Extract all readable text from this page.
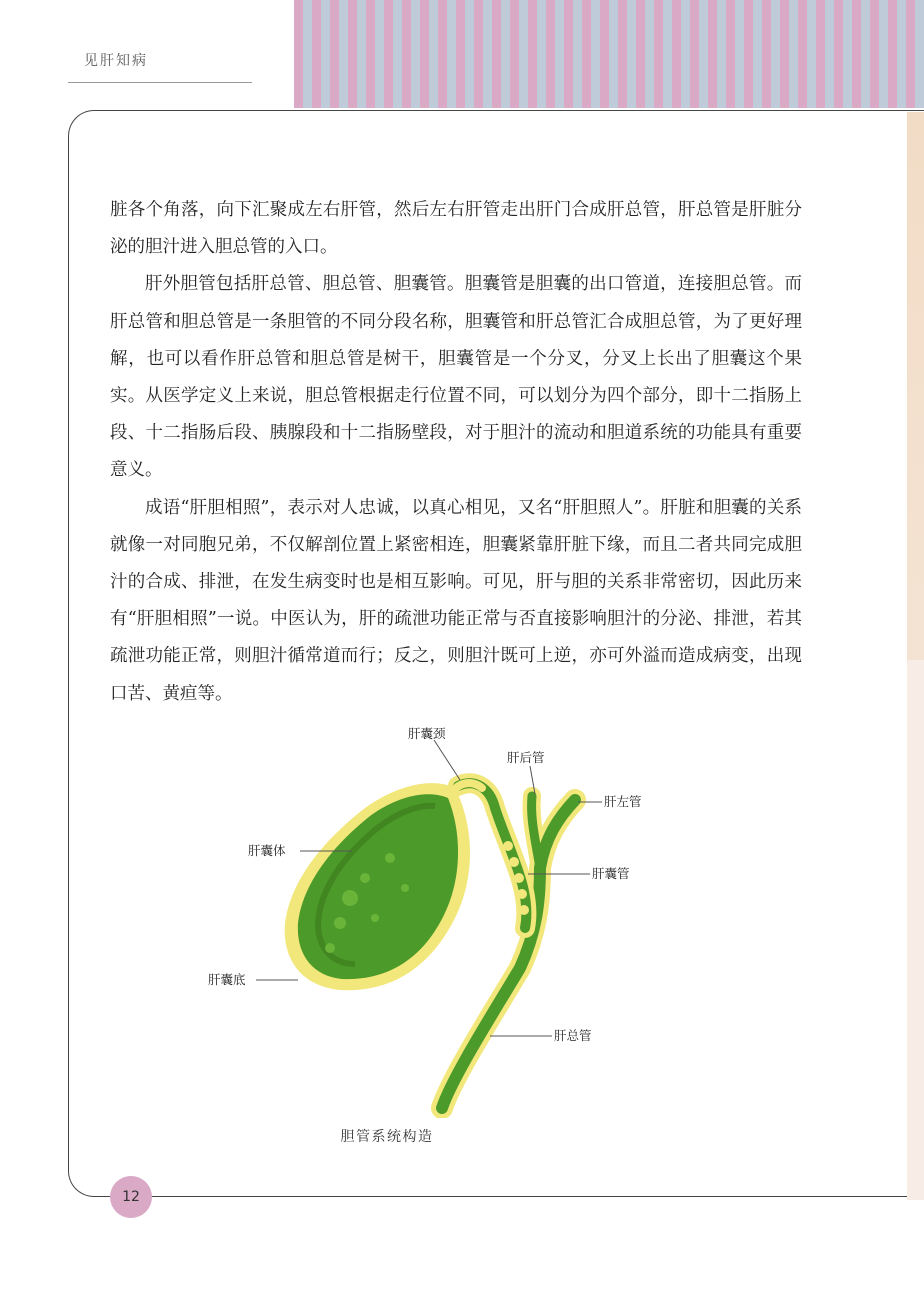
见肝知病

脏各个角落，向下汇聚成左右肝管，然后左右肝管走出肝门合成肝总管，肝总管是肝脏分泌的胆汁进入胆总管的入口。

肝外胆管包括肝总管、胆总管、胆囊管。胆囊管是胆囊的出口管道，连接胆总管。而肝总管和胆总管是一条胆管的不同分段名称，胆囊管和肝总管汇合成胆总管，为了更好理解，也可以看作肝总管和胆总管是树干，胆囊管是一个分叉，分叉上长出了胆囊这个果实。从医学定义上来说，胆总管根据走行位置不同，可以划分为四个部分，即十二指肠上段、十二指肠后段、胰腺段和十二指肠壁段，对于胆汁的流动和胆道系统的功能具有重要意义。

成语“肝胆相照”，表示对人忠诚，以真心相见，又名“肝胆照人”。肝脏和胆囊的关系就像一对同胞兄弟，不仅解剖位置上紧密相连，胆囊紧靠肝脏下缘，而且二者共同完成胆汁的合成、排泄，在发生病变时也是相互影响。可见，肝与胆的关系非常密切，因此历来有“肝胆相照”一说。中医认为，肝的疏泄功能正常与否直接影响胆汁的分泌、排泄，若其疏泄功能正常，则胆汁循常道而行；反之，则胆汁既可上逆，亦可外溢而造成病变，出现口苦、黄疸等。

肝囊颈
肝后管
肝左管
肝囊体
肝囊管
肝囊底
肝总管
胆管系统构造
12
